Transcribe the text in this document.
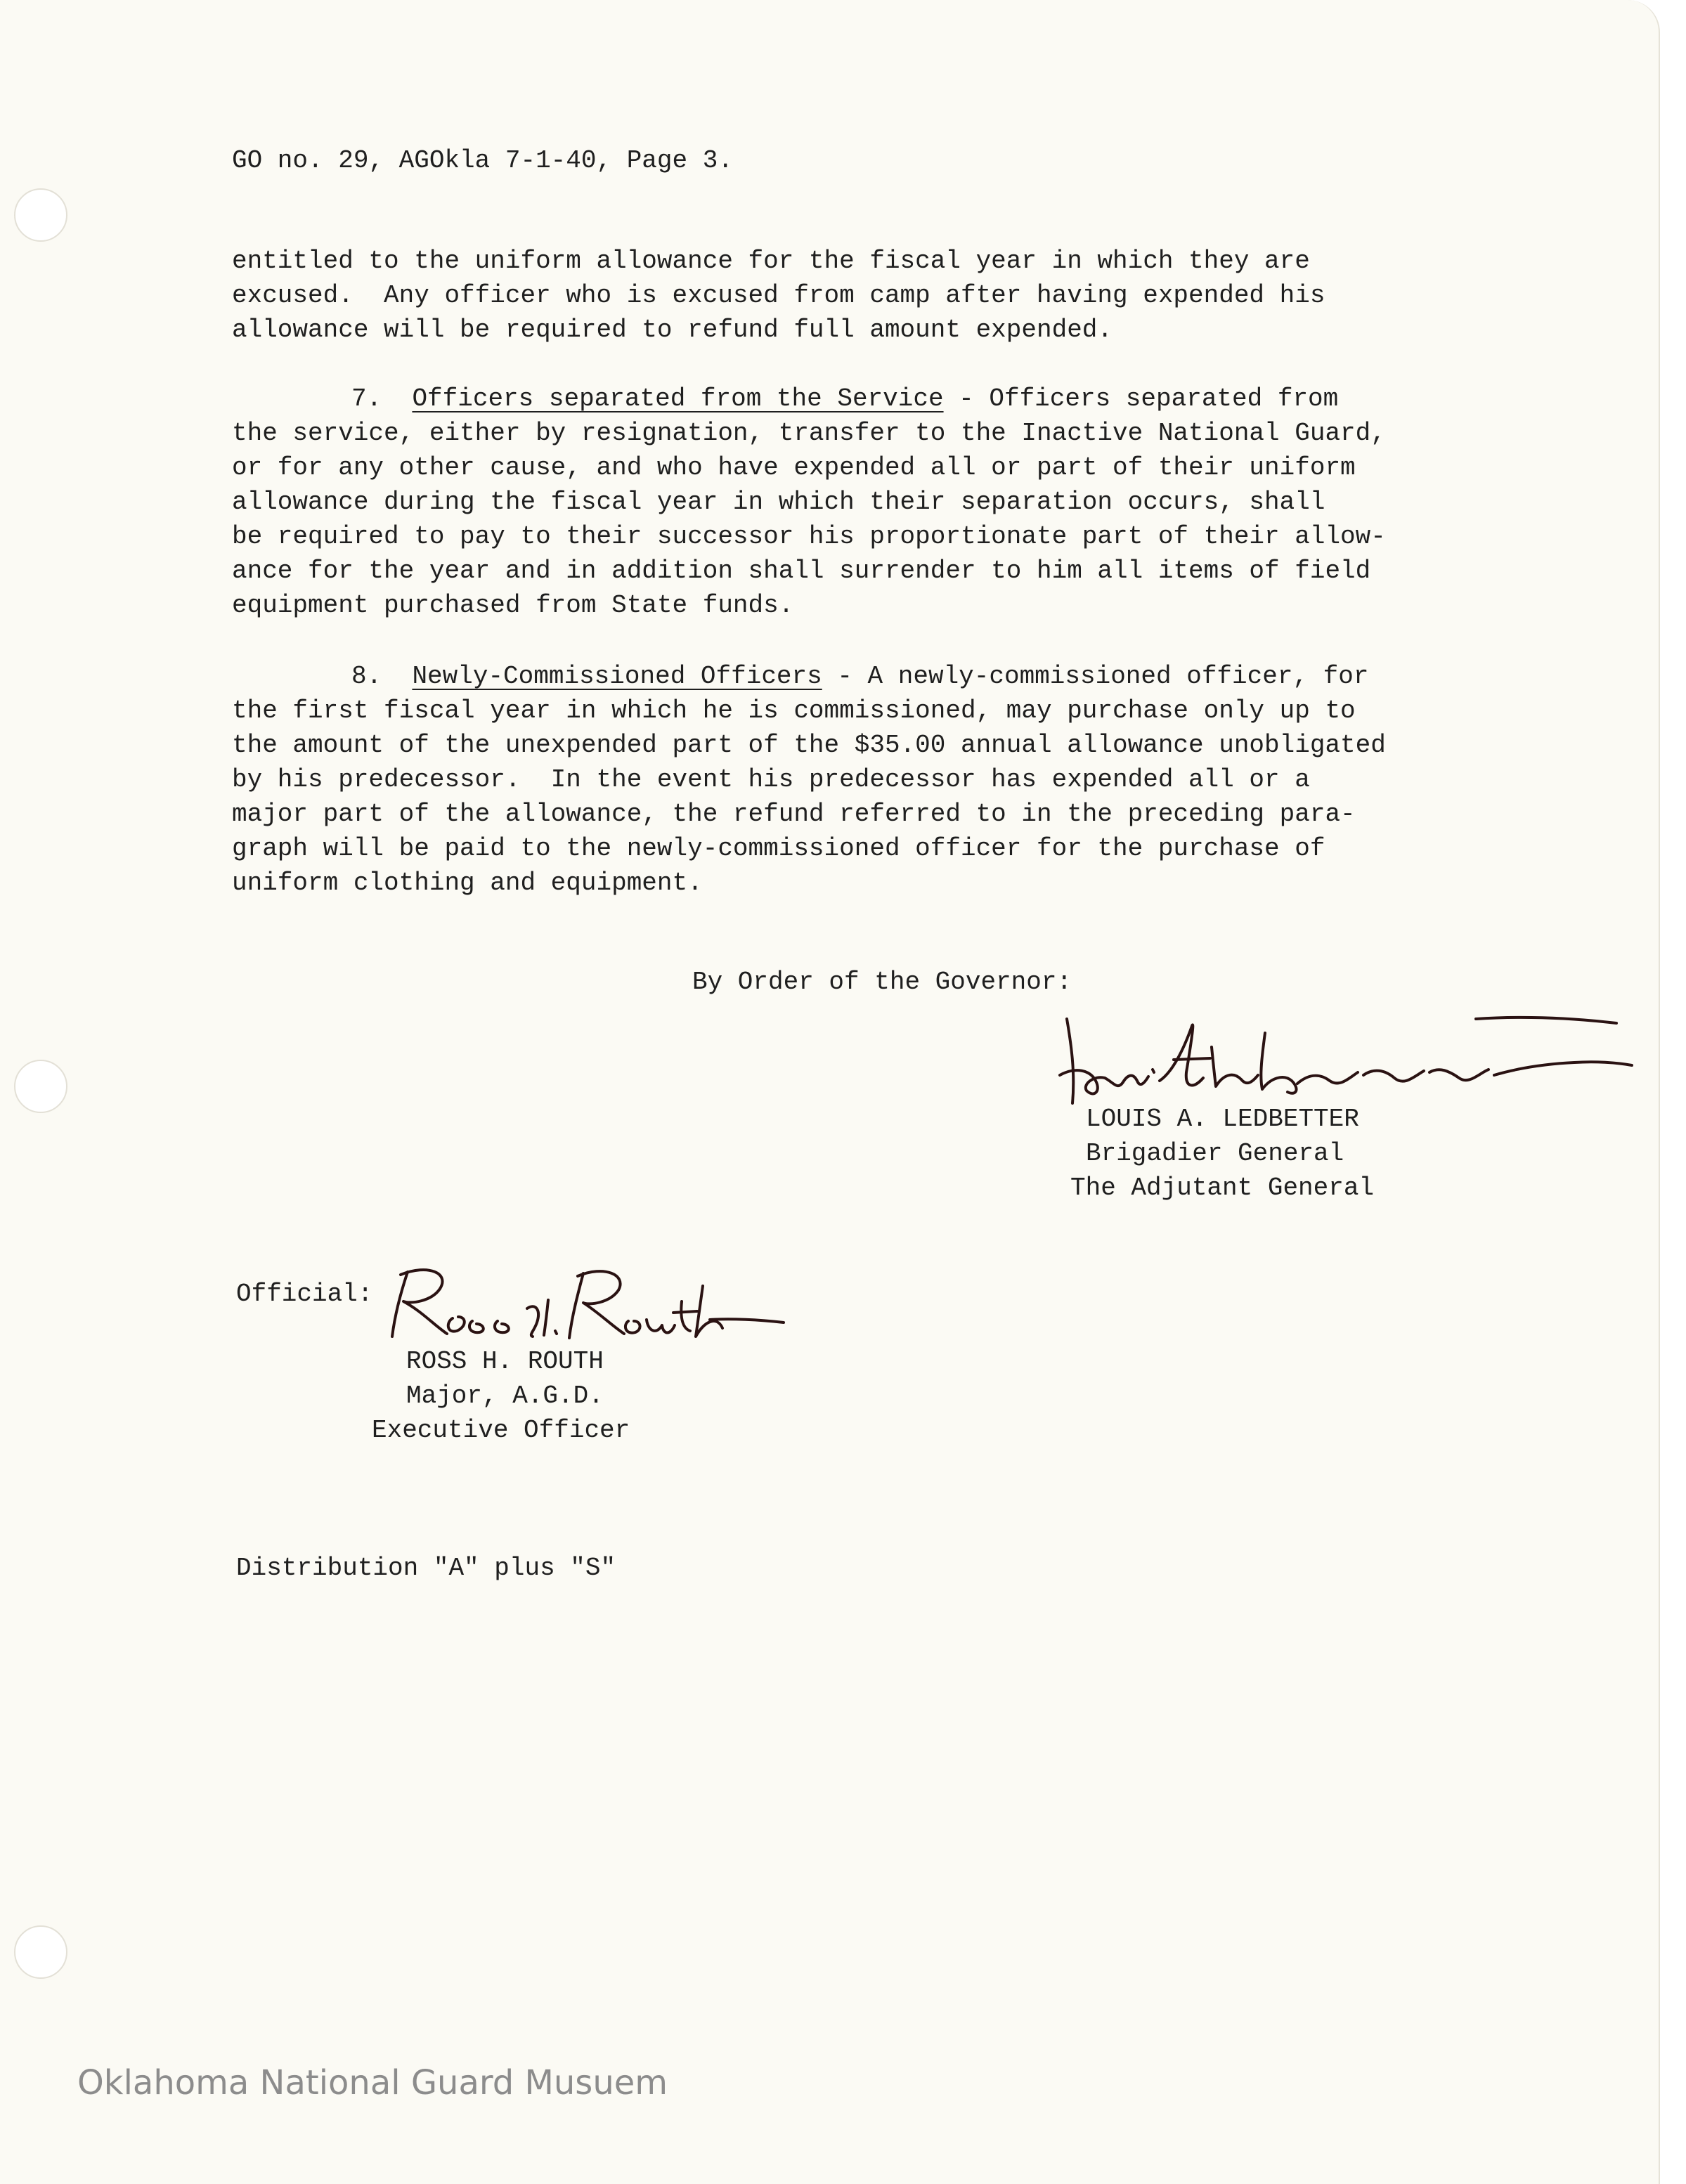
GO no. 29, AGOkla 7-1-40, Page 3.
entitled to the uniform allowance for the fiscal year in which they are
excused.  Any officer who is excused from camp after having expended his
allowance will be required to refund full amount expended.
7. Officers separated from the Service - Officers separated from
the service, either by resignation, transfer to the Inactive National Guard,
or for any other cause, and who have expended all or part of their uniform
allowance during the fiscal year in which their separation occurs, shall
be required to pay to their successor his proportionate part of their allow-
ance for the year and in addition shall surrender to him all items of field
equipment purchased from State funds.
8. Newly-Commissioned Officers - A newly-commissioned officer, for
the first fiscal year in which he is commissioned, may purchase only up to
the amount of the unexpended part of the $35.00 annual allowance unobligated
by his predecessor.  In the event his predecessor has expended all or a
major part of the allowance, the refund referred to in the preceding para-
graph will be paid to the newly-commissioned officer for the purchase of
uniform clothing and equipment.
By Order of the Governor:
LOUIS A. LEDBETTER
Brigadier General
The Adjutant General
Official:
ROSS H. ROUTH
Major, A.G.D.
Executive Officer
Distribution "A" plus "S"
Oklahoma National Guard Musuem
